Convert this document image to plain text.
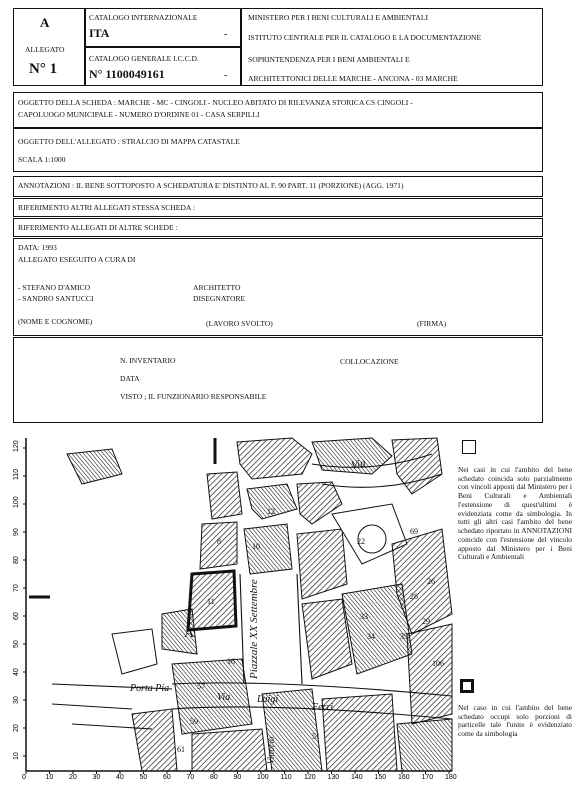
A
ALLEGATO
N° 1
CATALOGO INTERNAZIONALE
ITA	-
CATALOGO GENERALE I.C.C.D.
N° 1100049161	-
MINISTERO PER I BENI CULTURALI E AMBIENTALI
ISTITUTO CENTRALE PER IL CATALOGO E LA DOCUMENTAZIONE
SOPRINTENDENZA PER I BENI AMBIENTALI E
ARCHITETTONICI DELLE MARCHE - ANCONA - 03 MARCHE
OGGETTO DELLA SCHEDA : MARCHE - MC - CINGOLI - NUCLEO ABITATO DI RILEVANZA STORICA CS CINGOLI -
CAPOLUOGO MUNICIPALE - NUMERO D'ORDINE 01 - CASA SERPILLI
OGGETTO DELL'ALLEGATO : STRALCIO DI MAPPA CATASTALE
SCALA 1:1000
ANNOTAZIONI : IL BENE SOTTOPOSTO A SCHEDATURA E' DISTINTO AL F. 90 PART. 11 (PORZIONE) (AGG. 1971)
RIFERIMENTO ALTRI ALLEGATI STESSA SCHEDA :
RIFERIMENTO ALLEGATI DI ALTRE SCHEDE :
DATA: 1993
ALLEGATO ESEGUITO A CURA DI
- STEFANO D'AMICO	ARCHITETTO
- SANDRO SANTUCCI	DISEGNATORE
(NOME E COGNOME)	(LAVORO SVOLTO)	(FIRMA)
N. INVENTARIO	COLLOCAZIONE
DATA
VISTO ; IL FUNZIONARIO RESPONSABILE
120
110
100
90
80
70
60
50
40
30
20
10
0	10 20 30 40 50 60 70 80 90 100 110 120 130 140 150 160 170 180
Via
Piazzale XX Settembre
Porta Pia
Via	Luigi
Ferri
Vittorio
11
10
12
8	22
69
16
26
28
29
34
33
35
106
57
59
61
51
A

Nei casi in cui l'ambito del bene schedato coincida solo parzialmente con vincoli apposti dal Ministero per i Beni Culturali e Ambientali l'estensione di quest'ultimi è evidenziata come da simbologia. In tutti gli altri casi l'ambito del bene schedato riportato in ANNOTAZIONI coincide con l'estensione del vincolo apposto dal Ministero per i Beni Culturali e Ambientali

Nel caso in cui l'ambito del bene schedato occupi solo porzioni di particelle tale l'unite è evidenziato come da simbologia
